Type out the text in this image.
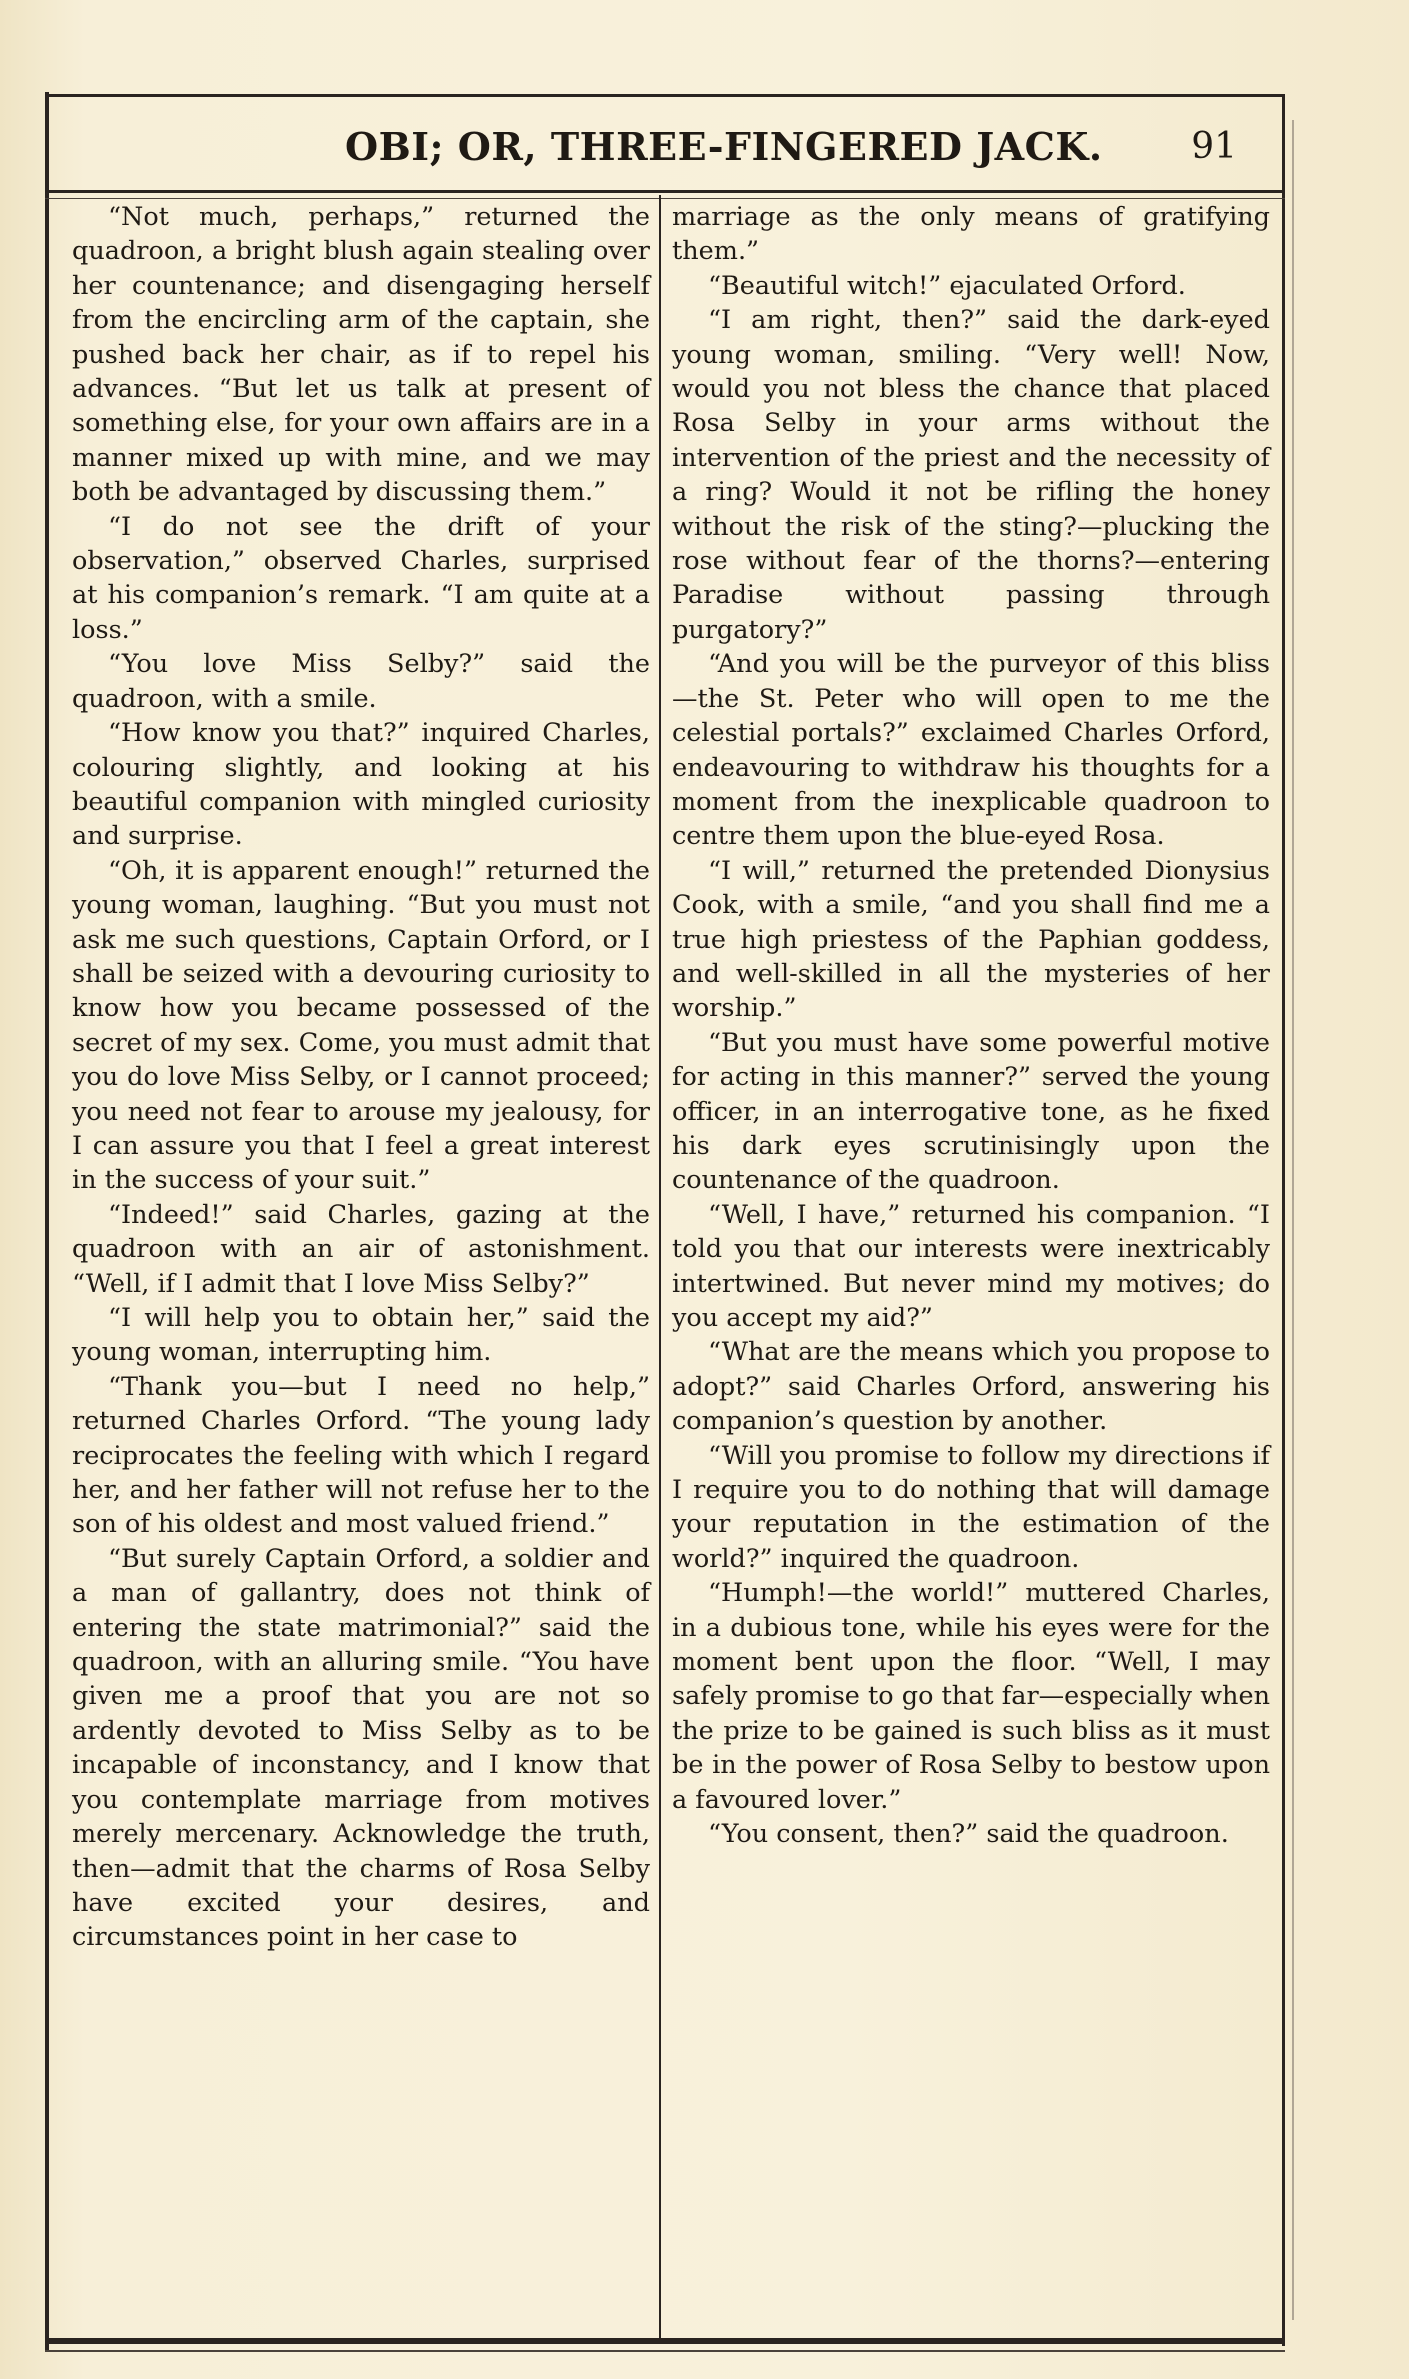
OBI; OR, THREE-FINGERED JACK. 91

“Not much, perhaps,” returned the quadroon, a bright blush again stealing over her countenance; and disengaging herself from the encircling arm of the captain, she pushed back her chair, as if to repel his advances. “But let us talk at present of something else, for your own affairs are in a manner mixed up with mine, and we may both be advantaged by discussing them.”

“I do not see the drift of your observation,” observed Charles, surprised at his companion’s remark. “I am quite at a loss.”

“You love Miss Selby?” said the quadroon, with a smile.

“How know you that?” inquired Charles, colouring slightly, and looking at his beautiful companion with mingled curiosity and surprise.

“Oh, it is apparent enough!” returned the young woman, laughing. “But you must not ask me such questions, Captain Orford, or I shall be seized with a devouring curiosity to know how you became possessed of the secret of my sex. Come, you must admit that you do love Miss Selby, or I cannot proceed; you need not fear to arouse my jealousy, for I can assure you that I feel a great interest in the success of your suit.”

“Indeed!” said Charles, gazing at the quadroon with an air of astonishment. “Well, if I admit that I love Miss Selby?”

“I will help you to obtain her,” said the young woman, interrupting him.

“Thank you—but I need no help,” returned Charles Orford. “The young lady reciprocates the feeling with which I regard her, and her father will not refuse her to the son of his oldest and most valued friend.”

“But surely Captain Orford, a soldier and a man of gallantry, does not think of entering the state matrimonial?” said the quadroon, with an alluring smile. “You have given me a proof that you are not so ardently devoted to Miss Selby as to be incapable of inconstancy, and I know that you contemplate marriage from motives merely mercenary. Acknowledge the truth, then—admit that the charms of Rosa Selby have excited your desires, and circumstances point in her case to

marriage as the only means of gratifying them.”

“Beautiful witch!” ejaculated Orford.

“I am right, then?” said the dark-eyed young woman, smiling. “Very well! Now, would you not bless the chance that placed Rosa Selby in your arms without the intervention of the priest and the necessity of a ring? Would it not be rifling the honey without the risk of the sting?—plucking the rose without fear of the thorns?—entering Paradise without passing through purgatory?”

“And you will be the purveyor of this bliss—the St. Peter who will open to me the celestial portals?” exclaimed Charles Orford, endeavouring to withdraw his thoughts for a moment from the inexplicable quadroon to centre them upon the blue-eyed Rosa.

“I will,” returned the pretended Dionysius Cook, with a smile, “and you shall find me a true high priestess of the Paphian goddess, and well-skilled in all the mysteries of her worship.”

“But you must have some powerful motive for acting in this manner?” served the young officer, in an interrogative tone, as he fixed his dark eyes scrutinisingly upon the countenance of the quadroon.

“Well, I have,” returned his companion. “I told you that our interests were inextricably intertwined. But never mind my motives; do you accept my aid?”

“What are the means which you propose to adopt?” said Charles Orford, answering his companion’s question by another.

“Will you promise to follow my directions if I require you to do nothing that will damage your reputation in the estimation of the world?” inquired the quadroon.

“Humph!—the world!” muttered Charles, in a dubious tone, while his eyes were for the moment bent upon the floor. “Well, I may safely promise to go that far—especially when the prize to be gained is such bliss as it must be in the power of Rosa Selby to bestow upon a favoured lover.”

“You consent, then?” said the quadroon.
